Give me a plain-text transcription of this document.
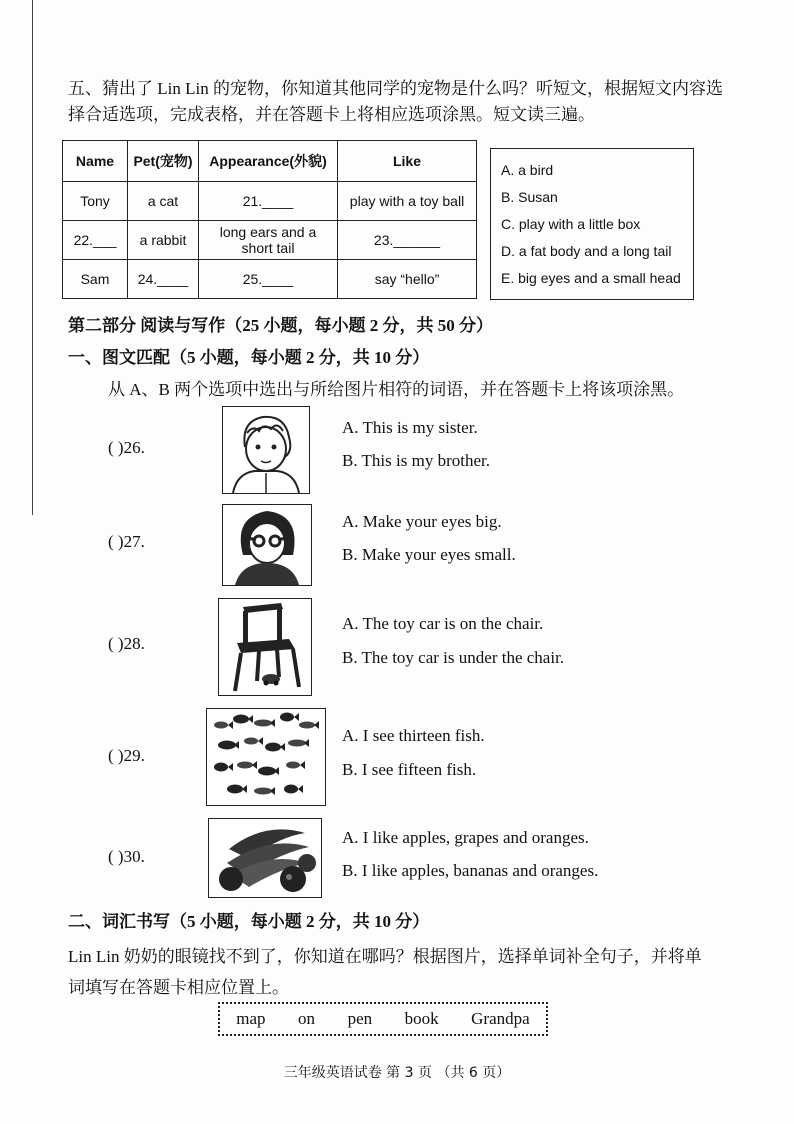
五、猜出了 Lin Lin 的宠物，你知道其他同学的宠物是什么吗？听短文，根据短文内容选择合适选项，完成表格，并在答题卡上将相应选项涂黑。短文读三遍。
Name	Pet(宠物)	Appearance(外貌)	Like
Tony	a cat	21.____	play with a toy ball
22.___	a rabbit	long ears and a short tail	23.______
Sam	24.____	25.____	say “hello”
A. a bird
B. Susan
C. play with a little box
D. a fat body and a long tail
E. big eyes and a small head
第二部分 阅读与写作（25 小题，每小题 2 分，共 50 分）
一、图文匹配（5 小题，每小题 2 分，共 10 分）
从 A、B 两个选项中选出与所给图片相符的词语，并在答题卡上将该项涂黑。
( )26.
A. This is my sister.
B. This is my brother.
( )27.
A. Make your eyes big.
B. Make your eyes small.
( )28.
A. The toy car is on the chair.
B. The toy car is under the chair.
( )29.
A. I see thirteen fish.
B. I see fifteen fish.
( )30.
A. I like apples, grapes and oranges.
B. I like apples, bananas and oranges.
二、词汇书写（5 小题，每小题 2 分，共 10 分）
Lin Lin 奶奶的眼镜找不到了，你知道在哪吗？根据图片，选择单词补全句子，并将单词填写在答题卡相应位置上。
map on pen book Grandpa
三年级英语试卷 第 3 页 （共 6 页）
